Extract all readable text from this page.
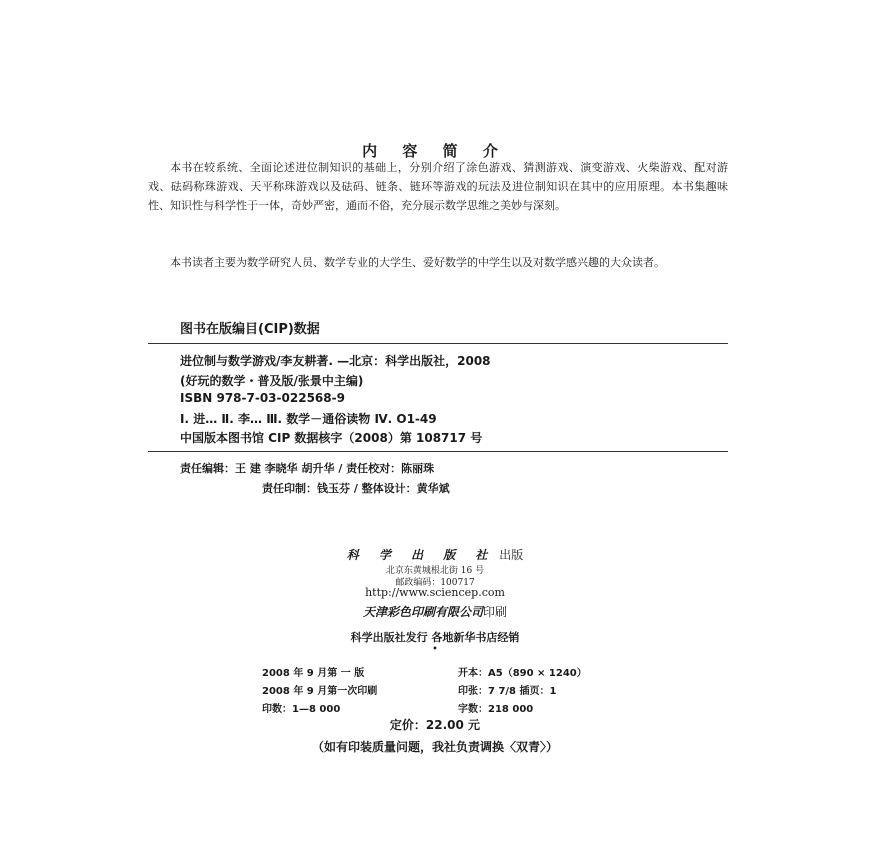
内 容 简 介
本书在较系统、全面论述进位制知识的基础上，分别介绍了涂色游戏、猜测游戏、演变游戏、火柴游戏、配对游戏、砝码称珠游戏、天平称珠游戏以及砝码、链条、链环等游戏的玩法及进位制知识在其中的应用原理。本书集趣味性、知识性与科学性于一体，奇妙严密，通而不俗，充分展示数学思维之美妙与深刻。
本书读者主要为数学研究人员、数学专业的大学生、爱好数学的中学生以及对数学感兴趣的大众读者。
图书在版编目(CIP)数据
进位制与数学游戏/李友耕著. —北京：科学出版社，2008
(好玩的数学・普及版/张景中主编)
ISBN 978-7-03-022568-9
Ⅰ. 进… Ⅱ. 李… Ⅲ. 数学－通俗读物 Ⅳ. O1-49
中国版本图书馆 CIP 数据核字（2008）第 108717 号
责任编辑：王 建 李晓华 胡升华 / 责任校对：陈丽珠
责任印制：钱玉芬 / 整体设计：黄华斌
科 学 出 版 社 出版
北京东黄城根北街 16 号
邮政编码：100717
http://www.sciencep.com
天津彩色印刷有限公司印刷
科学出版社发行 各地新华书店经销
•
2008 年 9 月第 一 版
2008 年 9 月第一次印刷
印数：1—8 000
开本：A5（890 × 1240）
印张：7 7/8 插页：1
字数：218 000
定价：22.00 元
（如有印装质量问题，我社负责调换〈双青〉）
